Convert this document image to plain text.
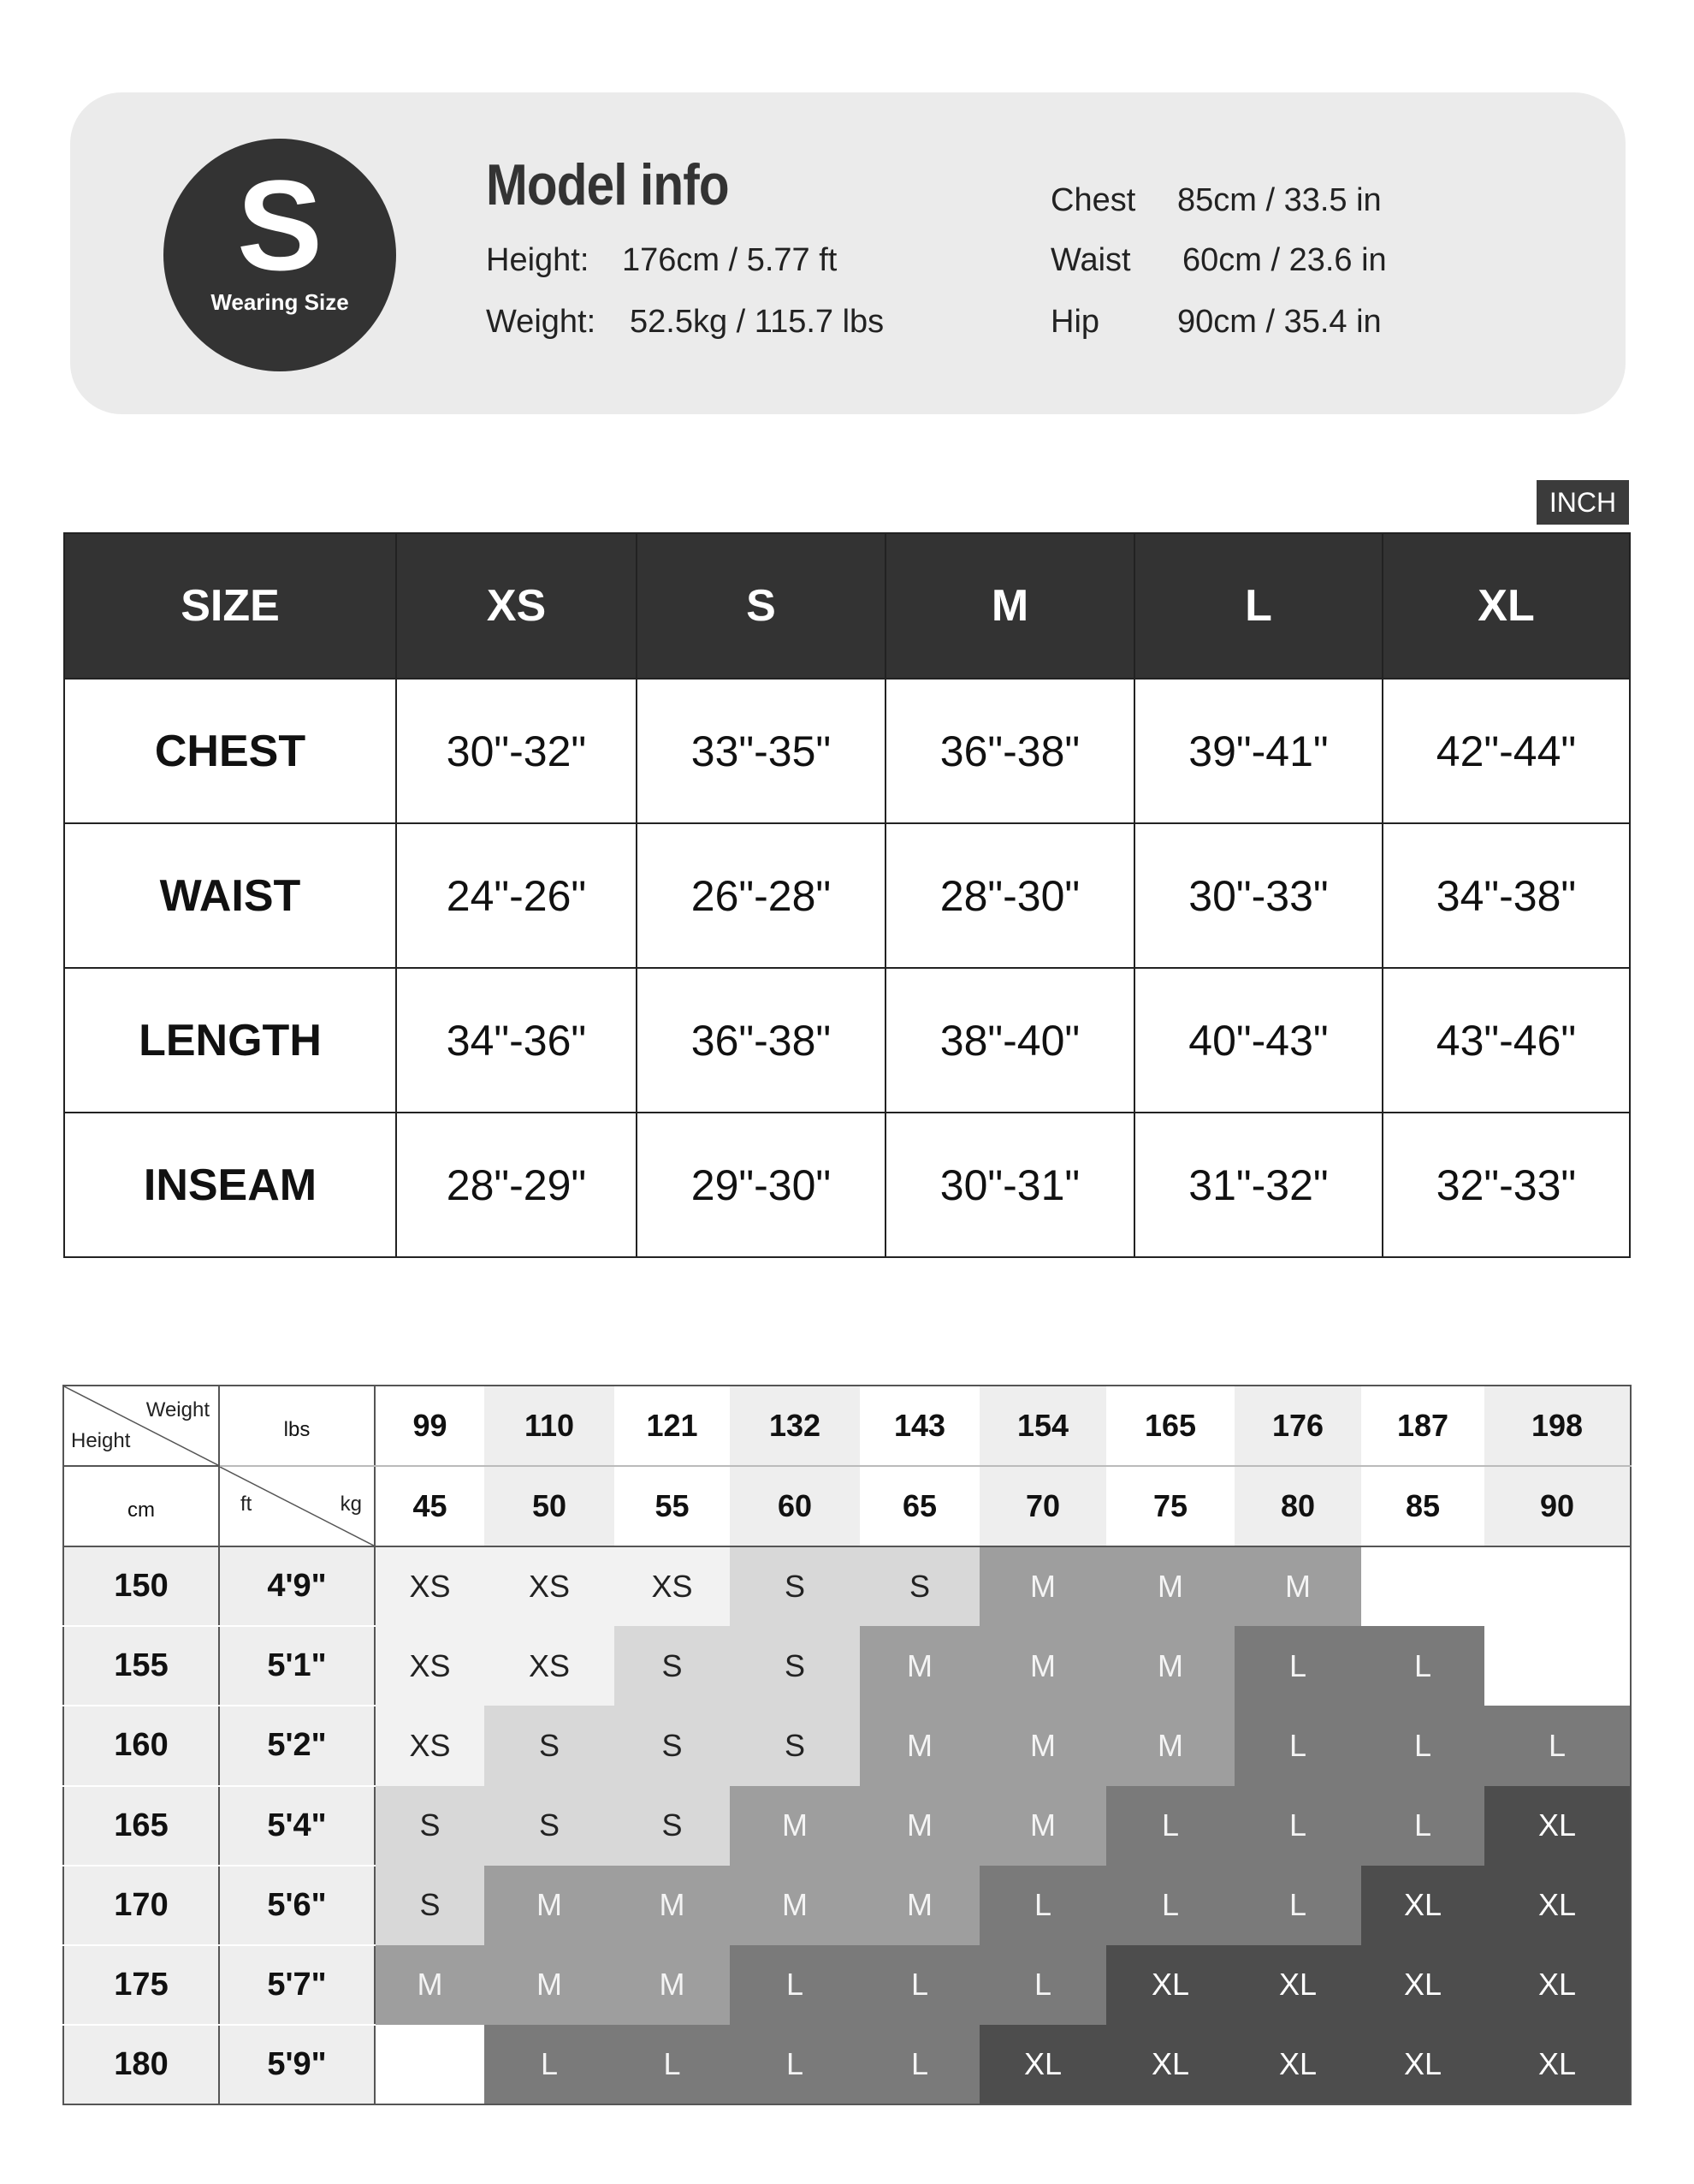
S
Wearing Size
Model info
Height: 176cm / 5.77 ft
Weight: 52.5kg / 115.7 lbs
Chest 85cm / 33.5 in
Waist 60cm / 23.6 in
Hip 90cm / 35.4 in
INCH
SIZE	XS	S	M	L	XL
CHEST	30"-32"	33"-35"	36"-38"	39"-41"	42"-44"
WAIST	24"-26"	26"-28"	28"-30"	30"-33"	34"-38"
LENGTH	34"-36"	36"-38"	38"-40"	40"-43"	43"-46"
INSEAM	28"-29"	29"-30"	30"-31"	31"-32"	32"-33"
Weight
Height	lbs	99	110	121	132	143	154	165	176	187	198
cm	ft kg	45	50	55	60	65	70	75	80	85	90
150	4'9"	XS	XS	XS	S	S	M	M	M		
155	5'1"	XS	XS	S	S	M	M	M	L	L	
160	5'2"	XS	S	S	S	M	M	M	L	L	L
165	5'4"	S	S	S	M	M	M	L	L	L	XL
170	5'6"	S	M	M	M	M	L	L	L	XL	XL
175	5'7"	M	M	M	L	L	L	XL	XL	XL	XL
180	5'9"		L	L	L	L	XL	XL	XL	XL	XL
